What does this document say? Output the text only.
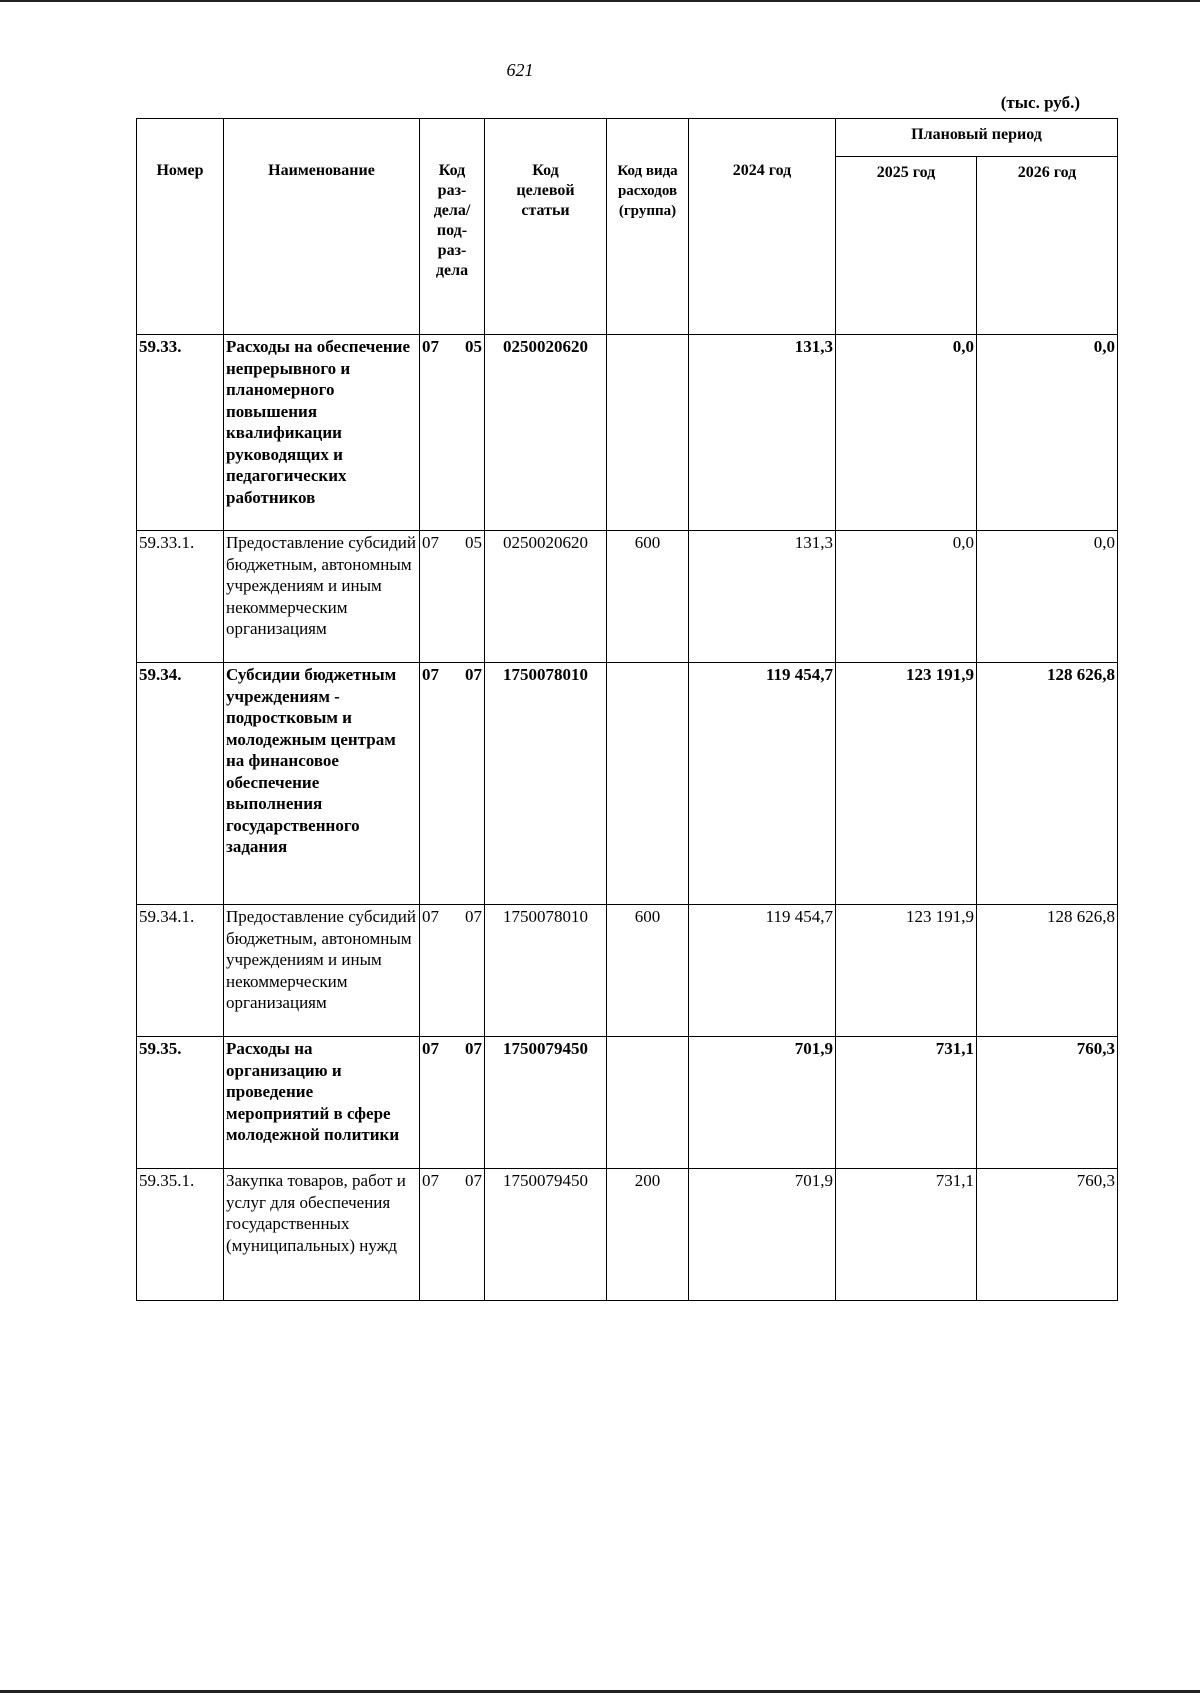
621
(тыс. руб.)
Номер	Наименование	Код раз- дела/ под- раз- дела	Код целевой статьи	Код вида расходов (группа)	2024 год	Плановый период	
						2025 год	2026 год
59.33.	Расходы на обеспечение непрерывного и планомерного повышения квалификации руководящих и педагогических работников	07 05	0250020620		131,3	0,0	0,0
59.33.1.	Предоставление субсидий бюджетным, автономным учреждениям и иным некоммерческим организациям	07 05	0250020620	600	131,3	0,0	0,0
59.34.	Субсидии бюджетным учреждениям - подростковым и молодежным центрам на финансовое обеспечение выполнения государственного задания	07 07	1750078010		119 454,7	123 191,9	128 626,8
59.34.1.	Предоставление субсидий бюджетным, автономным учреждениям и иным некоммерческим организациям	07 07	1750078010	600	119 454,7	123 191,9	128 626,8
59.35.	Расходы на организацию и проведение мероприятий в сфере молодежной политики	07 07	1750079450		701,9	731,1	760,3
59.35.1.	Закупка товаров, работ и услуг для обеспечения государственных (муниципальных) нужд	07 07	1750079450	200	701,9	731,1	760,3
